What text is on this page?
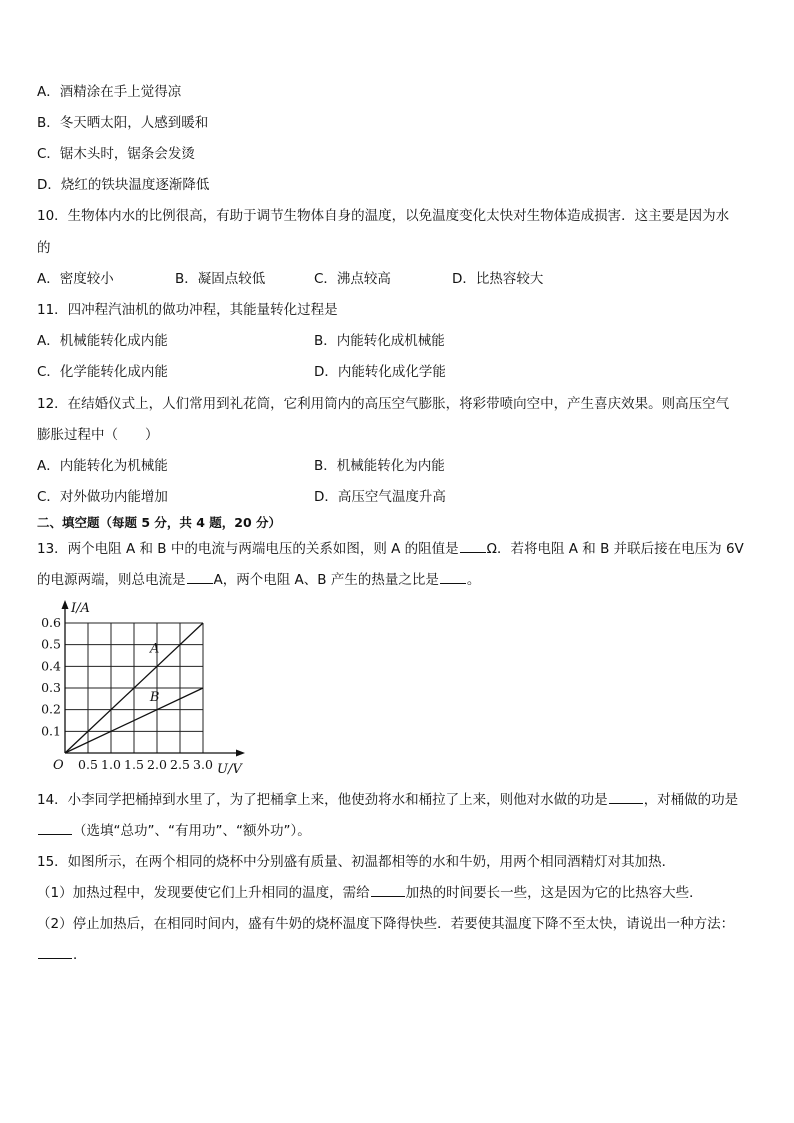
A．酒精涂在手上觉得凉
B．冬天晒太阳，人感到暖和
C．锯木头时，锯条会发烫
D．烧红的铁块温度逐渐降低
10．生物体内水的比例很高，有助于调节生物体自身的温度，以免温度变化太快对生物体造成损害．这主要是因为水
的
A．密度较小	B．凝固点较低	C．沸点较高	D．比热容较大
11．四冲程汽油机的做功冲程，其能量转化过程是
A．机械能转化成内能	B．内能转化成机械能
C．化学能转化成内能	D．内能转化成化学能
12．在结婚仪式上，人们常用到礼花筒，它利用筒内的高压空气膨胀，将彩带喷向空中，产生喜庆效果。则高压空气
膨胀过程中（　　）
A．内能转化为机械能	B．机械能转化为内能
C．对外做功内能增加	D．高压空气温度升高
二、填空题（每题 5 分，共 4 题，20 分）
13．两个电阻 A 和 B 中的电流与两端电压的关系如图，则 A 的阻值是 Ω．若将电阻 A 和 B 并联后接在电压为 6V
的电源两端，则总电流是 A，两个电阻 A、B 产生的热量之比是 。
0.5 1.0 1.5 2.0 2.5 3.0
0.1
0.2
0.3
0.4
0.5
0.6
U/V
I/A
O
A
B
14．小李同学把桶掉到水里了，为了把桶拿上来，他使劲将水和桶拉了上来，则他对水做的功是	，对桶做的功是
（选填“总功”、“有用功”、“额外功”）。
15．如图所示，在两个相同的烧杯中分别盛有质量、初温都相等的水和牛奶，用两个相同酒精灯对其加热．
（1）加热过程中，发现要使它们上升相同的温度，需给	加热的时间要长一些，这是因为它的比热容大些．
（2）停止加热后，在相同时间内，盛有牛奶的烧杯温度下降得快些．若要使其温度下降不至太快，请说出一种方法：
．
